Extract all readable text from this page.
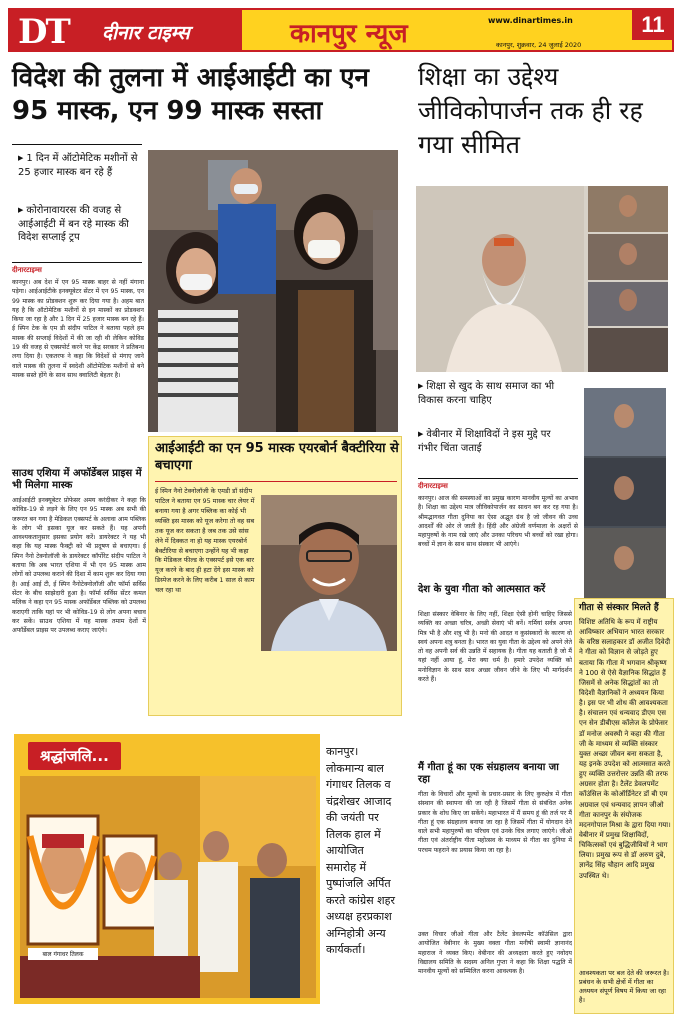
DT दीनार टाइम्स	कानपुर न्यूज	www.dinartimes.in	11
कानपुर, शुक्रवार, 24 जुलाई 2020
विदेश की तुलना में आईआईटी का एन 95 मास्क, एन 99 मास्क सस्ता
▶ 1 दिन में ऑटोमेटिक मशीनों से 25 हजार मास्क बन रहे हैं
▶ कोरोनावायरस की वजह से आईआईटी में बन रहे मास्क की विदेश सप्लाई ट्रप
दीनारटाइम्स
कानपुर। अब देश में एन 95 मास्क बाहर से नहीं मंगाना पड़ेगा। आईआईटीके इनक्यूबेटर सेंटर में एन 95 मास्क, एन 99 मास्क का प्रोडक्शन शुरू कर दिया गया है। अहम बात यह है कि ऑटोमेटिक मशीनों से इन मास्कों का प्रोडक्शन किया जा रहा है और 1 दिन में 25 हजार मास्क बन रहे हैं। ई स्पिन टेक के एम डी संदीप पाटिल ने बताया पहले हम मास्क की सप्लाई विदेशों में की जा रही थी लेकिन कोविड 19 की वजह से एक्सपोर्ट करने पर केंद्र सरकार ने प्रतिबन्ध लगा दिया है। एकतरफ ने कहा कि विदेशों से मंगाए जाने वाले मास्क की तुलना में स्वदेशी ऑटोमेटिक मशीनों से बने मास्क सस्ते होंगे के साथ साथ क्वालिटी बेहतर है।
साउथ एशिया में अफॉर्डेबल प्राइस में भी मिलेगा मास्क
आईआईटी इनक्यूबेटर प्रोफेसर अमय करंदीकर ने कहा कि कोविड-19 से लड़ने के लिए एन 95 मास्क अब सभी की जरूरत बन गया है मेडिकल एक्सपर्ट के अलावा आम पब्लिक के लोग भी इसका यूज कर सकते हैं। यह अपनी आवश्यकतानुसार इसका प्रयोग करें। डायरेक्टर ने यह भी कहा कि यह मास्क फैक्ट्री को भी प्रदूषण से बचाएगा। ई स्पिन नैनो टेक्नोलॉजी के डायरेक्टर कॉर्पोरेट संदीप पाटिल ने बताया कि अब भारत एशिया में भी एन 95 मास्क आम लोगों को उपलब्ध कराने की दिशा में काम शुरू कर दिया गया है। आई आई टी, ई स्पिन नैनोटेक्नोलॉजी और फॉर्मा सर्विस सेंटर के बीच साझेदारी हुआ है। फॉर्मा सर्विस सेंटर कमल मलिक ने कहा एन 95 मास्क अफॉर्डेबल पब्लिक को उपलब्ध कराएगी ताकि यहां पर भी कोविड-19 से लोग अपना बचाव कर सकें। साउथ एशिया में यह मास्क तमाम देशों में अफॉर्डेबल प्राइस पर उपलब्ध कराए जाएंगे।
आईआईटी का एन 95 मास्क एयरबोर्न बैक्टीरिया से बचाएगा
ई स्पिन नैनो टेक्नोलॉजी के एमडी डॉ संदीप पाटिल ने बताया एन 95 मास्क चार लेयर में बनाया गया है अगर पब्लिक का कोई भी व्यक्ति इस मास्क को यूज करेगा तो वह सब तक यूज कर सकता है जब तक उसे सांस लेने में दिक्कत ना हो यह मास्क एयरबोर्न बैक्टीरिया से बचाएगा उन्होंने यह भी कहा कि मेडिकल फील्ड के एक्सपर्ट इसे एक बार यूज करने के बाद ही हटा देंगे इस मास्क को डिस्पेज करने के लिए करीब 1 साल से काम चल रहा था
शिक्षा का उद्देश्य जीविकोपार्जन तक ही रह गया सीमित
▶ शिक्षा से खुद के साथ समाज का भी विकास करना चाहिए
▶ वेबीनार में शिक्षाविदों ने इस मुद्दे पर गंभीर चिंता जताई
दीनारटाइम्स
कानपुर। आज की समस्याओं का प्रमुख कारण मानवीय मूल्यों का अभाव है। शिक्षा का उद्देश्य मात्र जीविकोपार्जन का साधन बन कर रह गया है। श्रीमद्भागवत गीता दुनिया का ऐसा अद्भुत ग्रंथ है जो जीवन की उच्च आदर्शों की ओर ले जाती है। हिंदी और अंग्रेजी वर्णमाला के अक्षरों से महापुरुषों के नाम रखे जाएं और उनका परिचय भी बच्चों को रखा होगा। बच्चों में ज्ञान के साथ साथ संस्कार भी आएंगे।
देश के युवा गीता को आत्मसात करें
शिक्षा संस्कार वेबिनार के लिए नहीं, शिक्षा ऐसी होनी चाहिए जिससे व्यक्ति का अच्छा चरित्र, अच्छी सेवाएं भी बनें। गर्मियां सर्वत्र अपना मित्र भी है और शत्रु भी है। मनो की आदत व कुसंस्कारों के कारण वो स्वयं अपना शत्रु बनता है। भारत का युवा गीता के उद्देश्य को अपने लेते तो वह अपनी सर्व की उन्नति में सहायक है। गीता यह बताती है जो मैं यहां नहीं आया हूं, मेरा क्या धर्म है। हमारे उपदेश व्यक्ति को मनोविज्ञान के साथ साथ अच्छा जीवन जीने के लिए भी मार्गदर्शन करते हैं।
मैं गीता हूं का एक संग्रहालय बनाया जा रहा
गीता के विचारों और मूल्यों के प्रचार-प्रसार के लिए कुरुक्षेत्र में गीता संस्थान की स्थापना की जा रही है जिसमें गीता से संबंधित अनेक प्रकार के शोध किए जा सकेंगे। महाभारत में मैं समय हूं की तर्ज पर मैं गीता हूं एक संग्रहालय बनाया जा रहा है जिसमें गीता में योगदान देने वाले सभी महापुरुषों का परिचय एवं उनके चित्र लगाए जाएंगे। जीओ गीता एवं अंतर्राष्ट्रीय गीता महोत्सव के माध्यम से गीता का दुनिया में परचम फहराने का प्रयास किया जा रहा है।
उक्त विचार जीओ गीता और टैलेंट डेवलपमेंट कॉउंसिल द्वारा आयोजित वेबीनार के मुख्य वक्ता गीता मनीषी स्वामी ज्ञानानंद महाराज ने व्यक्त किए। वेबीनार की अध्यक्षता करते हुए नवोदय विद्यालय समिति के सदस्य अनिल गुप्ता ने कहा कि शिक्षा पद्धति में मानवीय मूल्यों को सम्मिलित करना आवश्यक है।
गीता से संस्कार मिलते हैं
विशिष्ट अतिथि के रूप में राष्ट्रीय आविष्कार अभियान भारत सरकार के वरिष्ठ सलाहकार डॉ अजीत दिवेदी ने गीता को विज्ञान से जोड़ते हुए बताया कि गीता में भगवान श्रीकृष्ण ने 100 से ऐसे वैज्ञानिक सिद्धांत हैं जिसमें से अनेक सिद्धांतों का तो विदेशी वैज्ञानिकों ने अध्ययन किया है। इस पर भी शोध की आवश्यकता है। संचालन एवं धन्यवाद डीएम एस एन सेन डीबीएस कॉलेज के प्रोफेसर डॉ मनोज अवस्थी ने कहा की गीता जी के माध्यम से व्यक्ति संस्कार युक्त अच्छा जीवन बना सकता है, यह इनके उपदेश को आत्मसात करते हुए व्यक्ति उत्तरोत्तर उन्नति की तरफ अग्रसर होता है। टैलेंट डेवलपमेंट कॉउंसिल के कोऑर्डिनेटर डॉ बी एम अग्रवाल एवं धन्यवाद ज्ञापन जीओ गीता कानपुर के संयोजक मदनगोपाल मिश्रा के द्वारा दिया गया। वेबीनार में प्रमुख शिक्षाविदों, चिकित्सकों एवं बुद्धिजीवियों ने भाग लिया। प्रमुख रूप से डॉ अरुण दुबे, ज्ञानेंद्र सिंह चौहान आदि प्रमुख उपस्थित थे।
आवश्यकता पर बल देते की जरूरत है। प्रबंधन के सभी क्षेत्रों में गीता का अध्ययन संपूर्ण विषय में किया जा रहा है।
श्रद्धांजलि...
बाल गंगाधर तिलक
कानपुर। लोकमान्य बाल गंगाधर तिलक व चंद्रशेखर आजाद की जयंती पर तिलक हाल में आयोजित समारोह में पुष्पांजलि अर्पित करते कांग्रेस शहर अध्यक्ष हरप्रकाश अग्निहोत्री अन्य कार्यकर्ता।
